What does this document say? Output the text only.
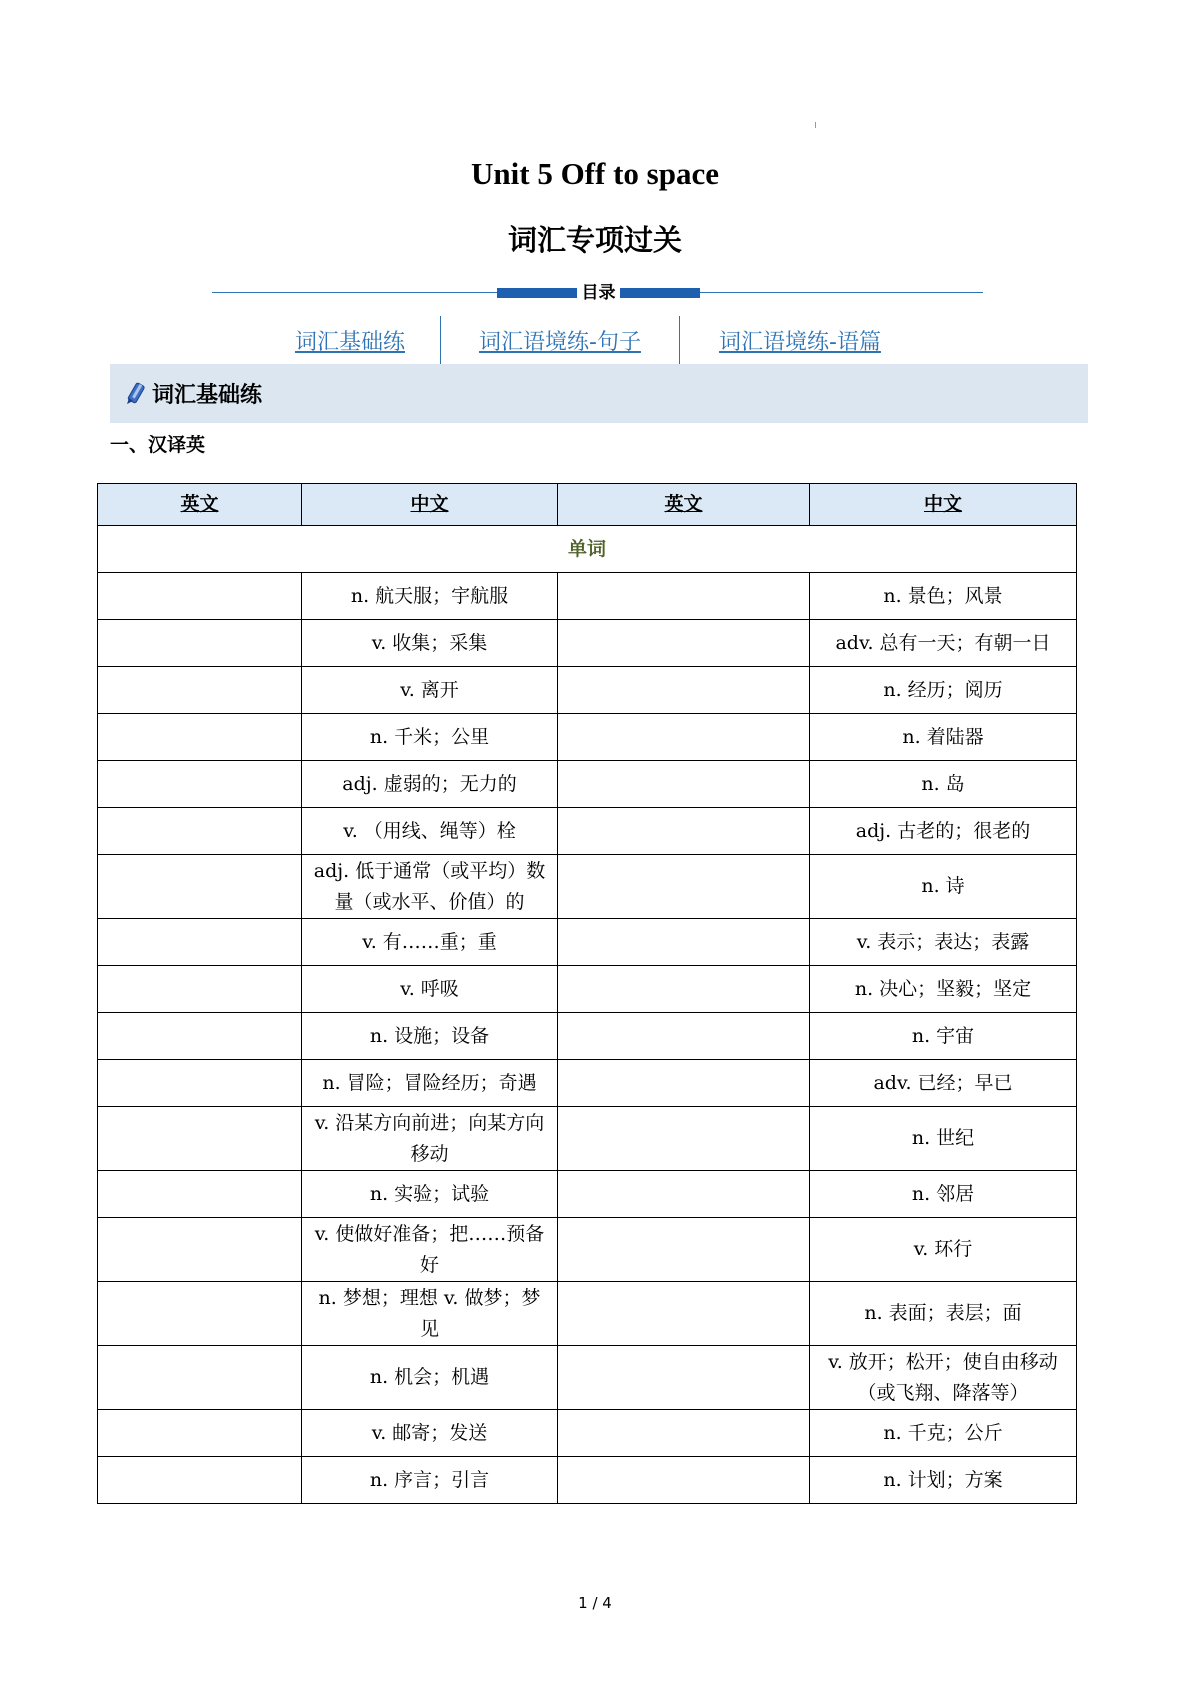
Unit 5 Off to space
词汇专项过关
目录
词汇基础练	词汇语境练-句子	词汇语境练-语篇
词汇基础练
一、汉译英
英文	中文	英文	中文
单词			
	n. 航天服；宇航服		n. 景色；风景
	v. 收集；采集		adv. 总有一天；有朝一日
	v. 离开		n. 经历；阅历
	n. 千米；公里		n. 着陆器
	adj. 虚弱的；无力的		n. 岛
	v. （用线、绳等）栓		adj. 古老的；很老的
	adj. 低于通常（或平均）数量（或水平、价值）的		n. 诗
	v. 有……重；重		v. 表示；表达；表露
	v. 呼吸		n. 决心；坚毅；坚定
	n. 设施；设备		n. 宇宙
	n. 冒险；冒险经历；奇遇		adv. 已经；早已
	v. 沿某方向前进；向某方向移动		n. 世纪
	n. 实验；试验		n. 邻居
	v. 使做好准备；把……预备好		v. 环行
	n. 梦想；理想 v. 做梦；梦见		n. 表面；表层；面
	n. 机会；机遇		v. 放开；松开；使自由移动（或飞翔、降落等）
	v. 邮寄；发送		n. 千克；公斤
	n. 序言；引言		n. 计划；方案
1 / 4
